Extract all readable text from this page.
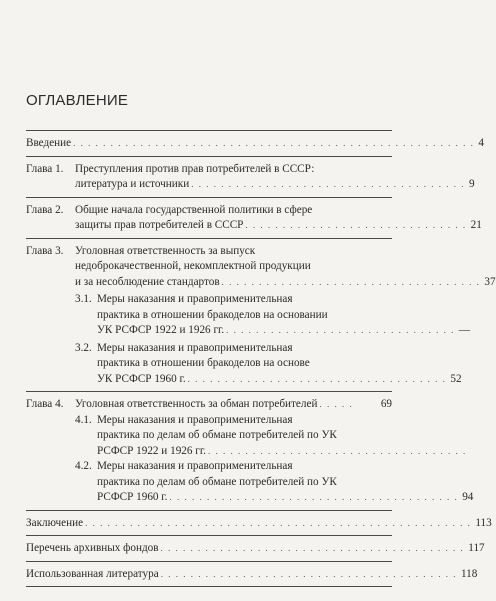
ОГЛАВЛЕНИЕ
Введение . . . . . . . . . . . . . . . . . . . . . . . . . . . . . . . . . . . . . . . . . . . . . . . . . . . . . . 4
Глава 1.	Преступления против прав потребителей в СССР:
литература и источники . . . . . . . . . . . . . . . . . . . . . . . . . . . . . . . . . . . . . 9
Глава 2.	Общие начала государственной политики в сфере
защиты прав потребителей в СССР . . . . . . . . . . . . . . . . . . . . . . . . . . . . . . 21
Глава 3.	Уголовная ответственность за выпуск
недоброкачественной, некомплектной продукции
и за несоблюдение стандартов . . . . . . . . . . . . . . . . . . . . . . . . . . . . . . . . . . . 37
3.1. Меры наказания и правоприменительная
практика в отношении бракоделов на основании
УК РСФСР 1922 и 1926 гг. . . . . . . . . . . . . . . . . . . . . . . . . . . . . . . . —
3.2. Меры наказания и правоприменительная
практика в отношении бракоделов на основе
УК РСФСР 1960 г. . . . . . . . . . . . . . . . . . . . . . . . . . . . . . . . . . . . 52
Глава 4.	Уголовная ответственность за обман потребителей . . . . .	69
4.1. Меры наказания и правоприменительная
практика по делам об обмане потребителей по УК
РСФСР 1922 и 1926 гг. . . . . . . . . . . . . . . . . . . . . . . . . . . . . . . . . . . .
4.2. Меры наказания и правоприменительная
практика по делам об обмане потребителей по УК
РСФСР 1960 г. . . . . . . . . . . . . . . . . . . . . . . . . . . . . . . . . . . . . . . . 94
Заключение . . . . . . . . . . . . . . . . . . . . . . . . . . . . . . . . . . . . . . . . . . . . . . . . . . . . 113
Перечень архивных фондов . . . . . . . . . . . . . . . . . . . . . . . . . . . . . . . . . . . . . . . . . 117
Использованная литература . . . . . . . . . . . . . . . . . . . . . . . . . . . . . . . . . . . . . . . . 118
